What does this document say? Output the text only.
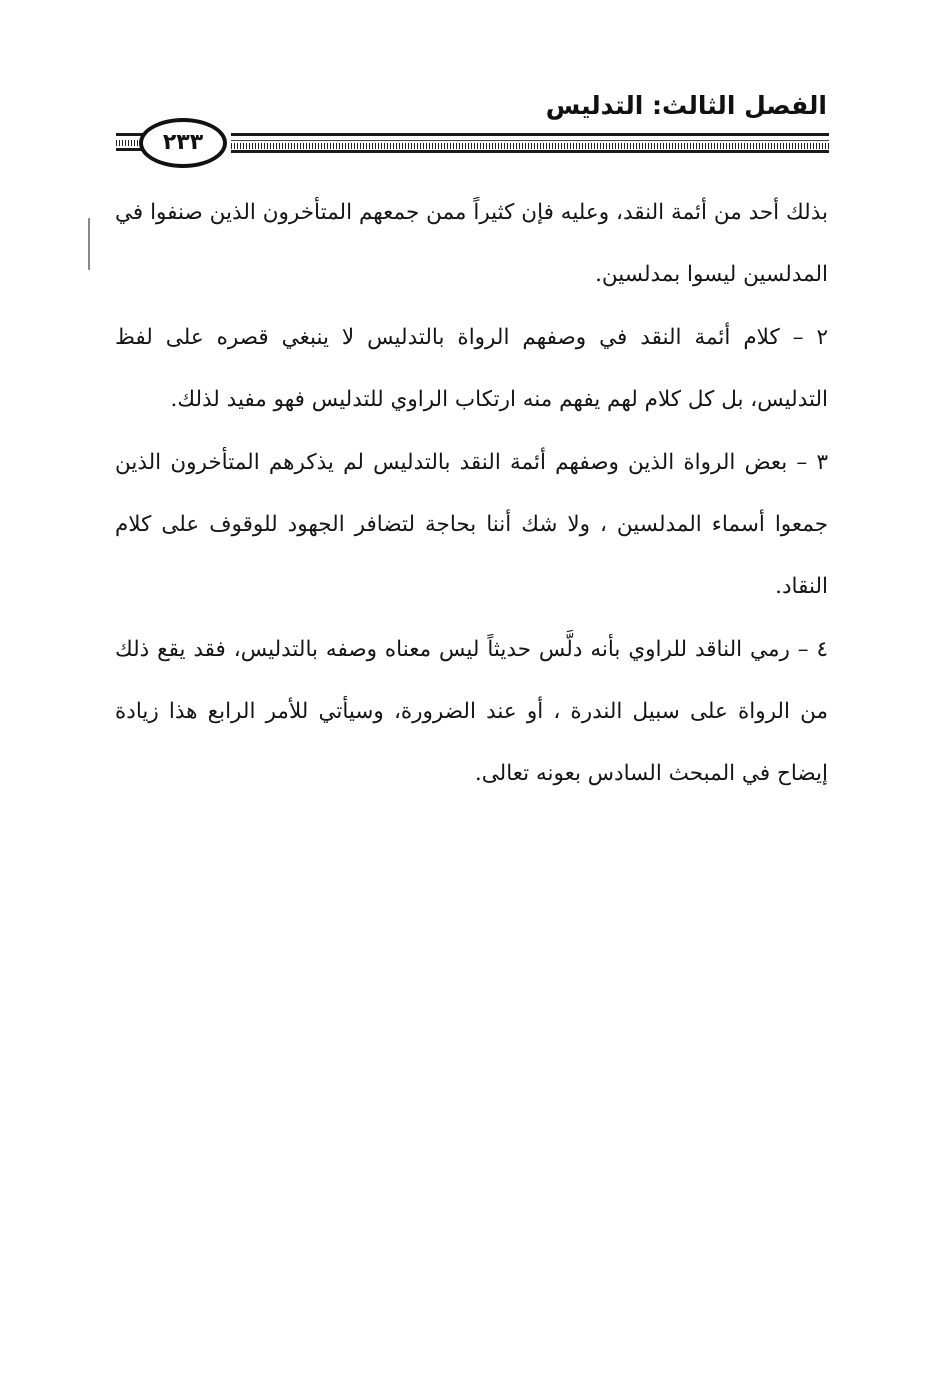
الفصل الثالث: التدليس
٢٣٣

بذلك أحد من أئمة النقد، وعليه فإن كثيراً ممن جمعهم المتأخرون الذين صنفوا في المدلسين ليسوا بمدلسين.

٢ – كلام أئمة النقد في وصفهم الرواة بالتدليس لا ينبغي قصره على لفظ التدليس، بل كل كلام لهم يفهم منه ارتكاب الراوي للتدليس فهو مفيد لذلك.

٣ – بعض الرواة الذين وصفهم أئمة النقد بالتدليس لم يذكرهم المتأخرون الذين جمعوا أسماء المدلسين ، ولا شك أننا بحاجة لتضافر الجهود للوقوف على كلام النقاد.

٤ – رمي الناقد للراوي بأنه دلَّس حديثاً ليس معناه وصفه بالتدليس، فقد يقع ذلك من الرواة على سبيل الندرة ، أو عند الضرورة، وسيأتي للأمر الرابع هذا زيادة إيضاح في المبحث السادس بعونه تعالى.
